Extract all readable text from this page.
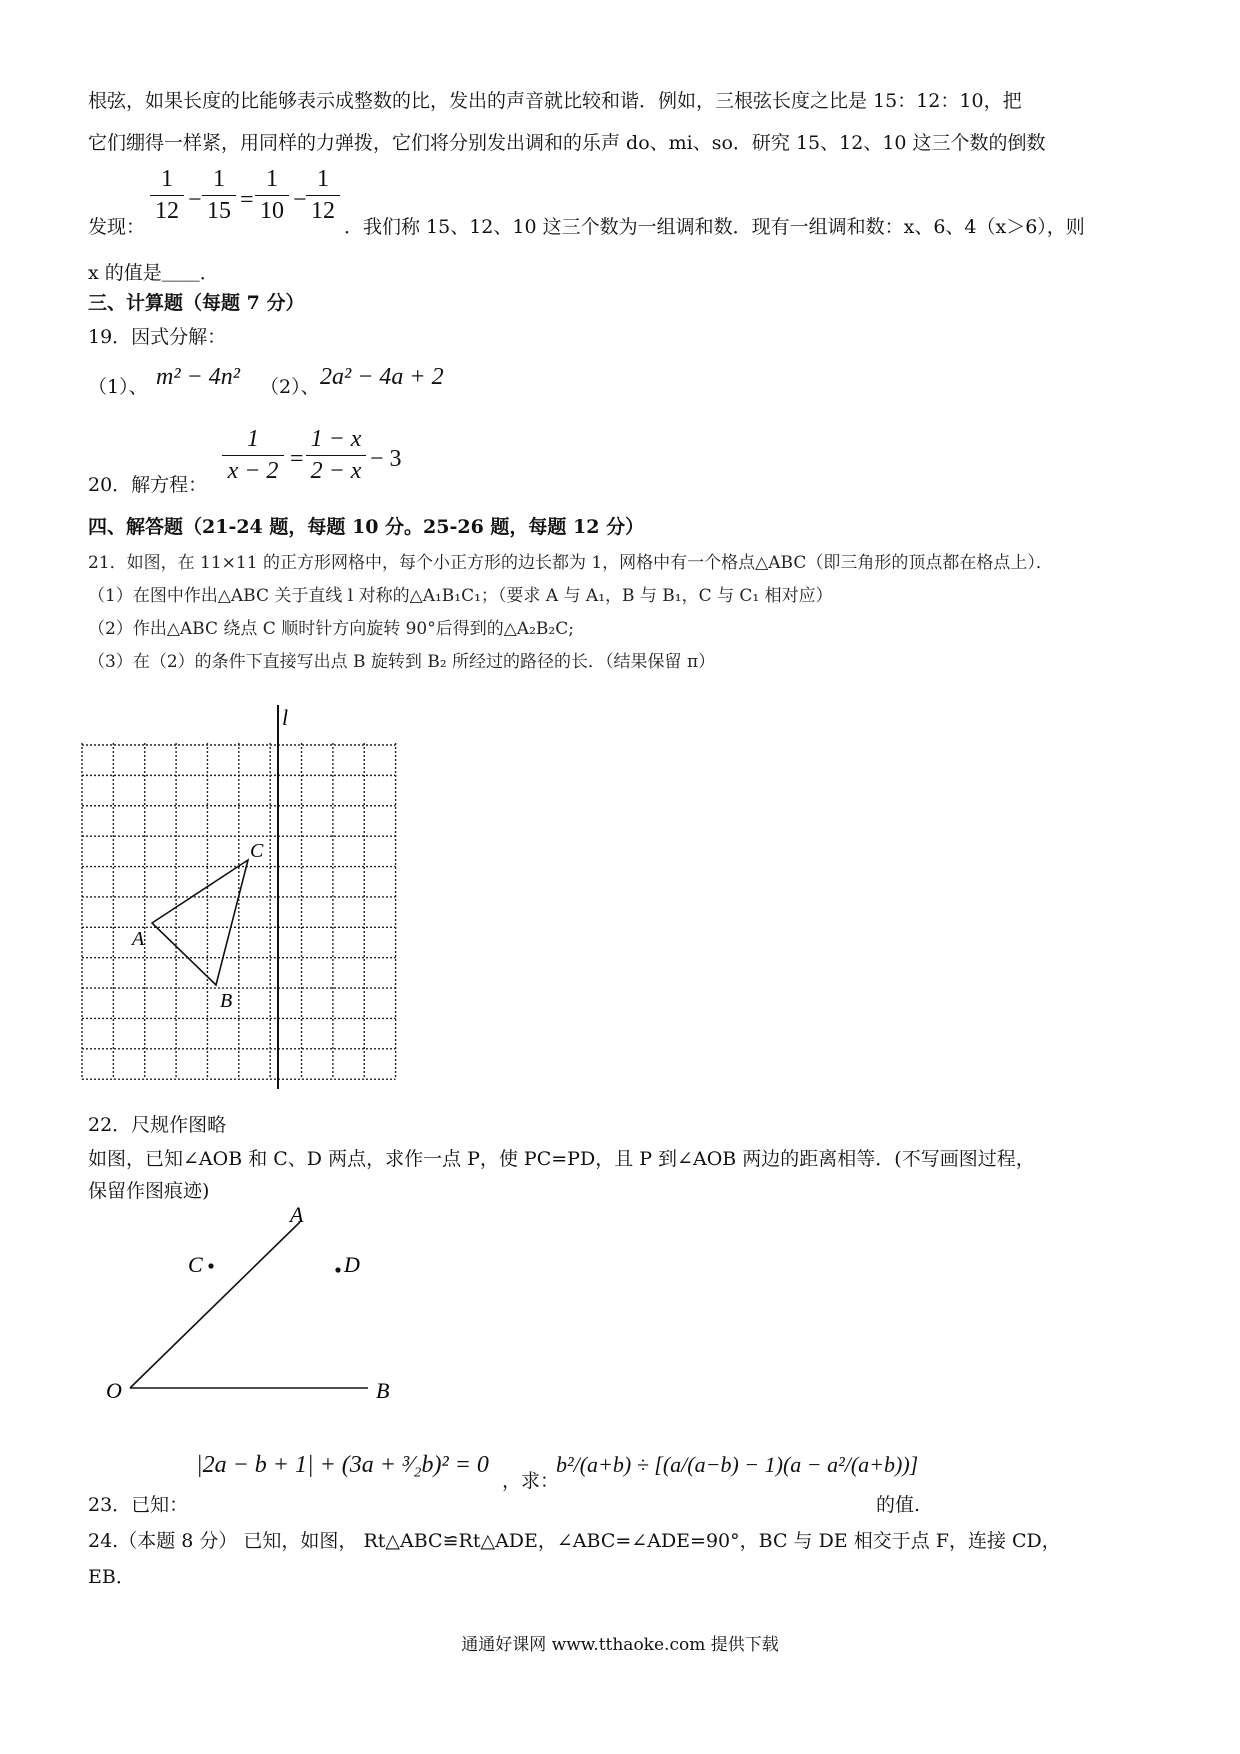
根弦，如果长度的比能够表示成整数的比，发出的声音就比较和谐．例如，三根弦长度之比是 15：12：10，把
它们绷得一样紧，用同样的力弹拨，它们将分别发出调和的乐声 do、mi、so．研究 15、12、10 这三个数的倒数
发现：
1
12 −
1
15 =
1
10 −
1
12
．我们称 15、12、10 这三个数为一组调和数．现有一组调和数：x、6、4（x＞6），则
x 的值是＿＿．
三、计算题（每题 7 分）
19．因式分解：
（1）、 m² − 4n² （2）、 2a² − 4a + 2
20．解方程：
1
x − 2 =
1 − x
2 − x − 3
四、解答题（21-24 题，每题 10 分。25-26 题，每题 12 分）
21．如图，在 11×11 的正方形网格中，每个小正方形的边长都为 1，网格中有一个格点△ABC（即三角形的顶点都在格点上）．
（1）在图中作出△ABC 关于直线 l 对称的△A₁B₁C₁；（要求 A 与 A₁，B 与 B₁，C 与 C₁ 相对应）
（2）作出△ABC 绕点 C 顺时针方向旋转 90°后得到的△A₂B₂C;
（3）在（2）的条件下直接写出点 B 旋转到 B₂ 所经过的路径的长．（结果保留 π）
l
A
B
C
22．尺规作图略
如图，已知∠AOB 和 C、D 两点，求作一点 P，使 PC=PD，且 P 到∠AOB 两边的距离相等．(不写画图过程，
保留作图痕迹)
A
O	B
C	D
23．已知：
|2a − b + 1| + (3a + ³⁄₂b)² = 0
，求：
b²/(a+b) ÷ [(a/(a−b) − 1)(a − a²/(a+b))]
的值.
24.（本题 8 分） 已知，如图， Rt△ABC≌Rt△ADE，∠ABC=∠ADE=90°，BC 与 DE 相交于点 F，连接 CD，
EB．
通通好课网 www.tthaoke.com 提供下载
